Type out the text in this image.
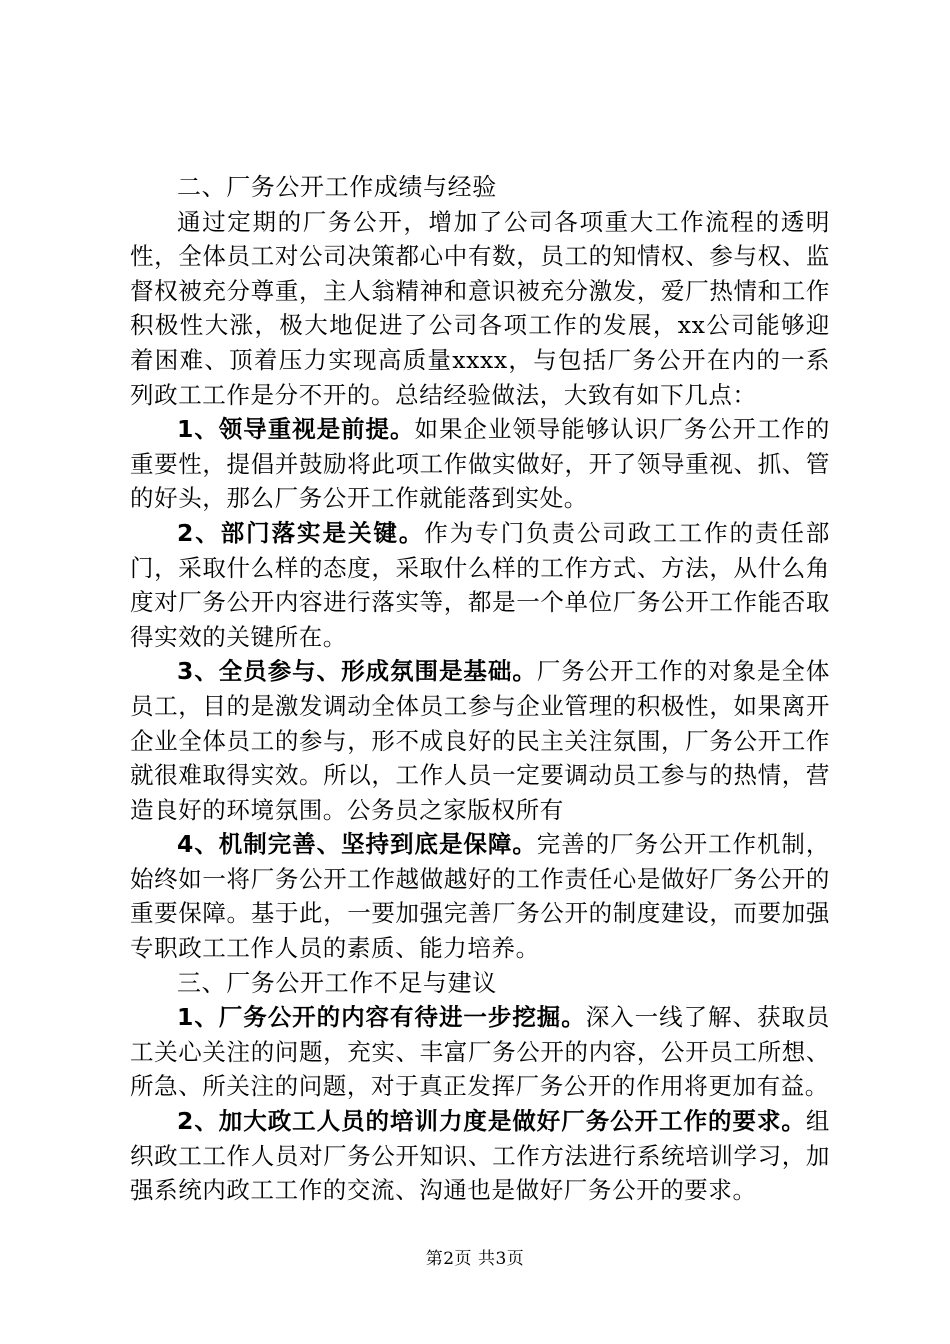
二、厂务公开工作成绩与经验

通过定期的厂务公开，增加了公司各项重大工作流程的透明性，全体员工对公司决策都心中有数，员工的知情权、参与权、监督权被充分尊重，主人翁精神和意识被充分激发，爱厂热情和工作积极性大涨，极大地促进了公司各项工作的发展，xx公司能够迎着困难、顶着压力实现高质量xxxx，与包括厂务公开在内的一系列政工工作是分不开的。总结经验做法，大致有如下几点：

1、领导重视是前提。如果企业领导能够认识厂务公开工作的重要性，提倡并鼓励将此项工作做实做好，开了领导重视、抓、管的好头，那么厂务公开工作就能落到实处。

2、部门落实是关键。作为专门负责公司政工工作的责任部门，采取什么样的态度，采取什么样的工作方式、方法，从什么角度对厂务公开内容进行落实等，都是一个单位厂务公开工作能否取得实效的关键所在。

3、全员参与、形成氛围是基础。厂务公开工作的对象是全体员工，目的是激发调动全体员工参与企业管理的积极性，如果离开企业全体员工的参与，形不成良好的民主关注氛围，厂务公开工作就很难取得实效。所以，工作人员一定要调动员工参与的热情，营造良好的环境氛围。公务员之家版权所有

4、机制完善、坚持到底是保障。完善的厂务公开工作机制，始终如一将厂务公开工作越做越好的工作责任心是做好厂务公开的重要保障。基于此，一要加强完善厂务公开的制度建设，而要加强专职政工工作人员的素质、能力培养。

三、厂务公开工作不足与建议

1、厂务公开的内容有待进一步挖掘。深入一线了解、获取员工关心关注的问题，充实、丰富厂务公开的内容，公开员工所想、所急、所关注的问题，对于真正发挥厂务公开的作用将更加有益。

2、加大政工人员的培训力度是做好厂务公开工作的要求。组织政工工作人员对厂务公开知识、工作方法进行系统培训学习，加强系统内政工工作的交流、沟通也是做好厂务公开的要求。

第2页 共3页
